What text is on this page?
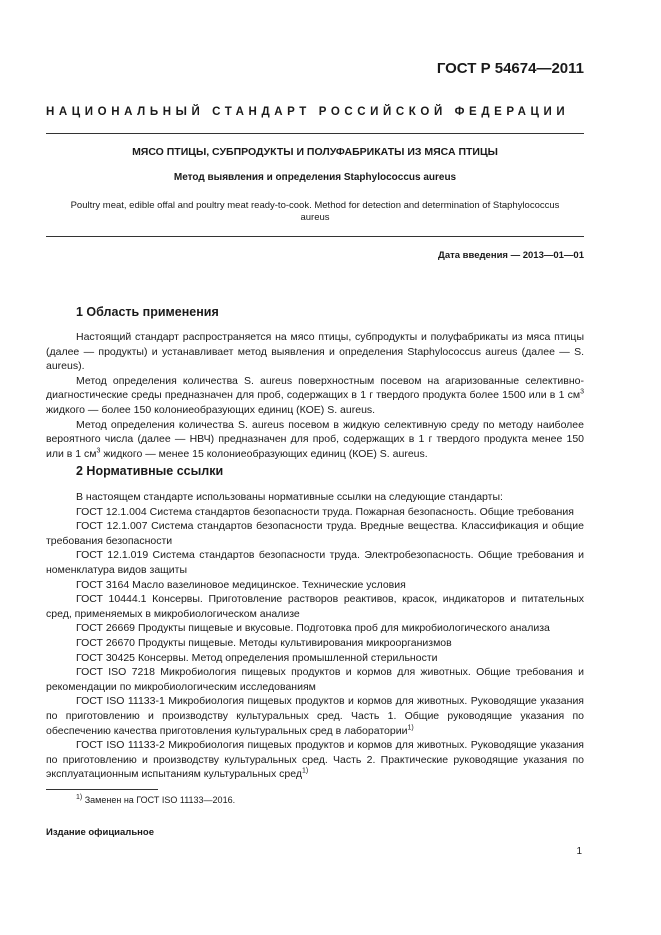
ГОСТ Р 54674—2011
НАЦИОНАЛЬНЫЙ СТАНДАРТ РОССИЙСКОЙ ФЕДЕРАЦИИ
МЯСО ПТИЦЫ, СУБПРОДУКТЫ И ПОЛУФАБРИКАТЫ ИЗ МЯСА ПТИЦЫ
Метод выявления и определения Staphylococcus aureus
Poultry meat, edible offal and poultry meat ready-to-cook. Method for detection and determination of Staphylococcus aureus
Дата введения — 2013—01—01
1 Область применения

Настоящий стандарт распространяется на мясо птицы, субпродукты и полуфабрикаты из мяса птицы (далее — продукты) и устанавливает метод выявления и определения Staphylococcus aureus (далее — S. aureus).

Метод определения количества S. aureus поверхностным посевом на агаризованные селективно-диагностические среды предназначен для проб, содержащих в 1 г твердого продукта более 1500 или в 1 $см^3$ жидкого — более 150 колониеобразующих единиц (КОЕ) S. aureus.

Метод определения количества S. aureus посевом в жидкую селективную среду по методу наиболее вероятного числа (далее — НВЧ) предназначен для проб, содержащих в 1 г твердого продукта менее 150 или в 1 $см^3$ жидкого — менее 15 колониеобразующих единиц (КОЕ) S. aureus.

2 Нормативные ссылки

В настоящем стандарте использованы нормативные ссылки на следующие стандарты:

ГОСТ 12.1.004 Система стандартов безопасности труда. Пожарная безопасность. Общие требования

ГОСТ 12.1.007 Система стандартов безопасности труда. Вредные вещества. Классификация и общие требования безопасности

ГОСТ 12.1.019 Система стандартов безопасности труда. Электробезопасность. Общие требования и номенклатура видов защиты

ГОСТ 3164 Масло вазелиновое медицинское. Технические условия

ГОСТ 10444.1 Консервы. Приготовление растворов реактивов, красок, индикаторов и питательных сред, применяемых в микробиологическом анализе

ГОСТ 26669 Продукты пищевые и вкусовые. Подготовка проб для микробиологического анализа

ГОСТ 26670 Продукты пищевые. Методы культивирования микроорганизмов

ГОСТ 30425 Консервы. Метод определения промышленной стерильности

ГОСТ ISO 7218 Микробиология пищевых продуктов и кормов для животных. Общие требования и рекомендации по микробиологическим исследованиям

ГОСТ ISO 11133-1 Микробиология пищевых продуктов и кормов для животных. Руководящие указания по приготовлению и производству культуральных сред. Часть 1. Общие руководящие указания по обеспечению качества приготовления культуральных сред в лаборатории$^{1)}$

ГОСТ ISO 11133-2 Микробиология пищевых продуктов и кормов для животных. Руководящие указания по приготовлению и производству культуральных сред. Часть 2. Практические руководящие указания по эксплуатационным испытаниям культуральных сред$^{1)}$

$^{1)}$ Заменен на ГОСТ ISO 11133—2016.
Издание официальное
1
